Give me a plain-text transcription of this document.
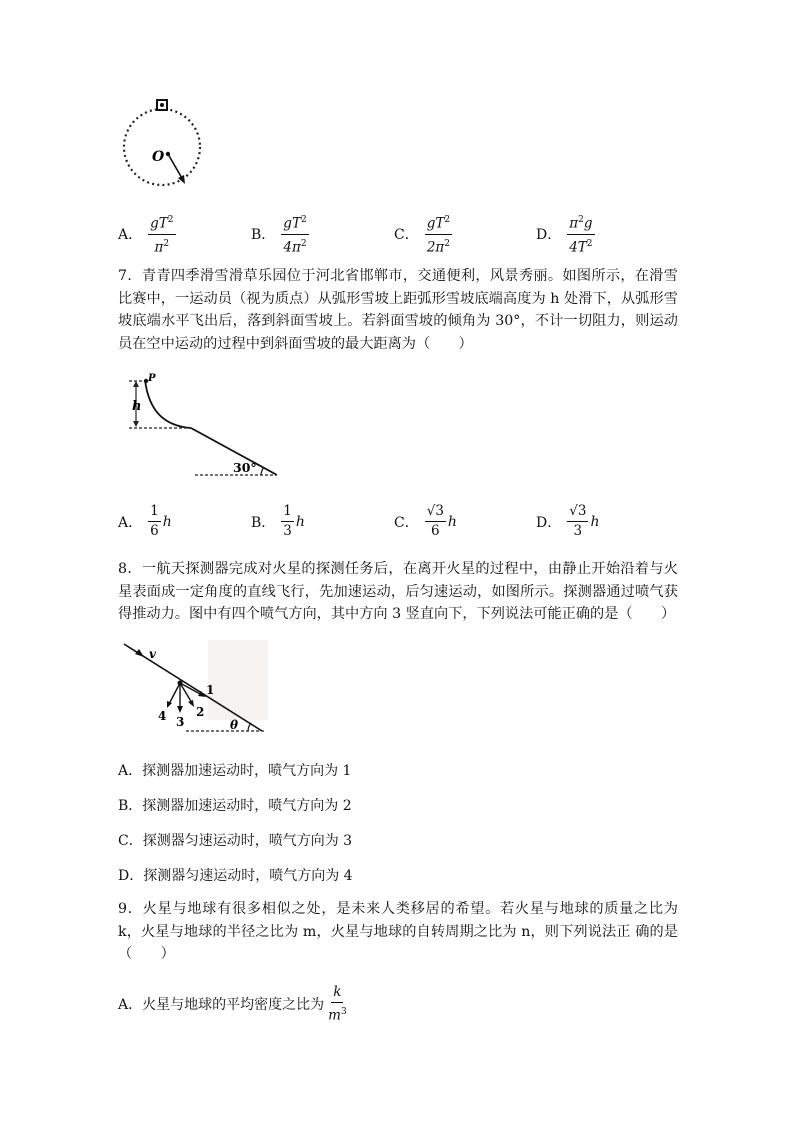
O
A． $\frac{gT^2}{\pi^2}$	B． $\frac{gT^2}{4\pi^2}$	C． $\frac{gT^2}{2\pi^2}$	D． $\frac{\pi^2g}{4T^2}$
7．青青四季滑雪滑草乐园位于河北省邯郸市，交通便利，风景秀丽。如图所示，在滑雪比赛中，一运动员（视为质点）从弧形雪坡上距弧形雪坡底端高度为 h 处滑下，从弧形雪坡底端水平飞出后，落到斜面雪坡上。若斜面雪坡的倾角为 30°，不计一切阻力，则运动员在空中运动的过程中到斜面雪坡的最大距离为（　　）
h
P
30°
A． $\frac{1}{6}$ h	B． $\frac{1}{3}$ h	C． $\frac{√3}{6}$ h	D． $\frac{√3}{3}$ h
8．一航天探测器完成对火星的探测任务后，在离开火星的过程中，由静止开始沿着与火星表面成一定角度的直线飞行，先加速运动，后匀速运动，如图所示。探测器通过喷气获得推动力。图中有四个喷气方向，其中方向 3 竖直向下，下列说法可能正确的是（　　）
v
1
2
3
4
θ
A．探测器加速运动时，喷气方向为 1
B．探测器加速运动时，喷气方向为 2
C．探测器匀速运动时，喷气方向为 3
D．探测器匀速运动时，喷气方向为 4
9．火星与地球有很多相似之处，是未来人类移居的希望。若火星与地球的质量之比为 k，火星与地球的半径之比为 m，火星与地球的自转周期之比为 n，则下列说法正 确的是（　　）
A．火星与地球的平均密度之比为 $\frac{k}{m^3}$
